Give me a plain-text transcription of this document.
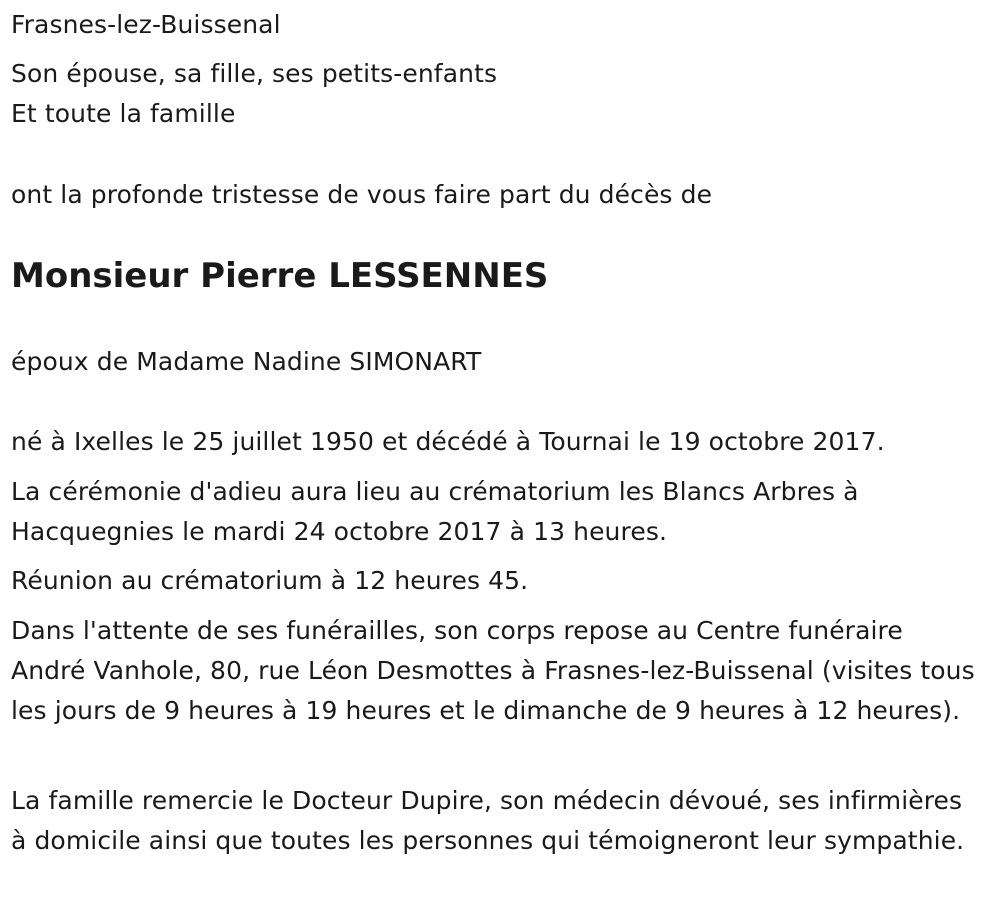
Frasnes-lez-Buissenal

Son épouse, sa fille, ses petits-enfants

Et toute la famille

ont la profonde tristesse de vous faire part du décès de

Monsieur Pierre LESSENNES

époux de Madame Nadine SIMONART

né à Ixelles le 25 juillet 1950 et décédé à Tournai le 19 octobre 2017.

La cérémonie d'adieu aura lieu au crématorium les Blancs Arbres à Hacquegnies le mardi 24 octobre 2017 à 13 heures.

Réunion au crématorium à 12 heures 45.

Dans l'attente de ses funérailles, son corps repose au Centre funéraire André Vanhole, 80, rue Léon Desmottes à Frasnes-lez-Buissenal (visites tous les jours de 9 heures à 19 heures et le dimanche de 9 heures à 12 heures).

La famille remercie le Docteur Dupire, son médecin dévoué, ses infirmières à domicile ainsi que toutes les personnes qui témoigneront leur sympathie.
